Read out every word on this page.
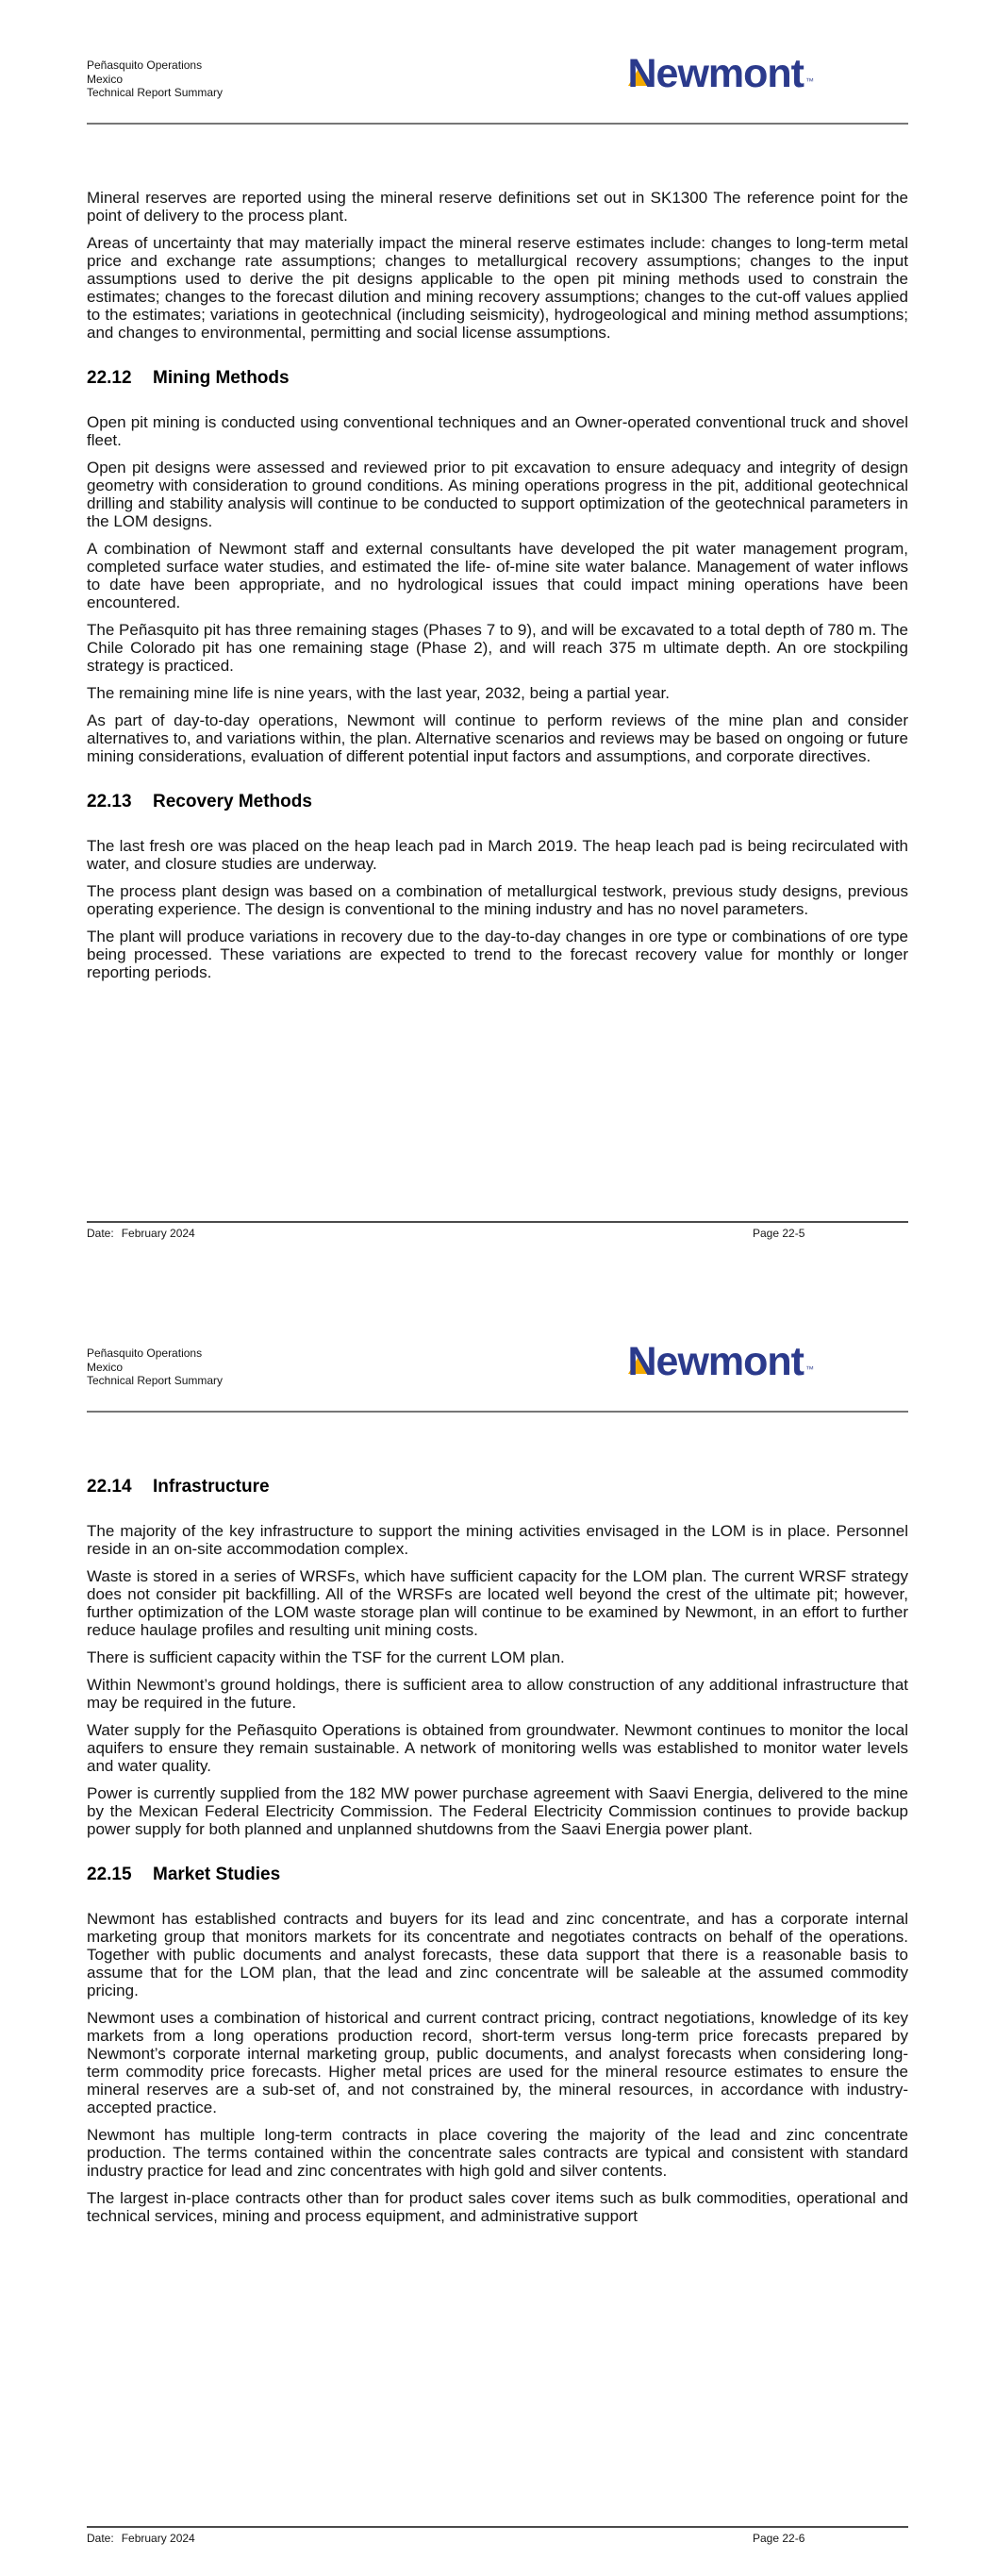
Peñasquito Operations
Mexico
Technical Report Summary	Newmont ™

Mineral reserves are reported using the mineral reserve definitions set out in SK1300 The reference point for the point of delivery to the process plant.

Areas of uncertainty that may materially impact the mineral reserve estimates include: changes to long-term metal price and exchange rate assumptions; changes to metallurgical recovery assumptions; changes to the input assumptions used to derive the pit designs applicable to the open pit mining methods used to constrain the estimates; changes to the forecast dilution and mining recovery assumptions; changes to the cut-off values applied to the estimates; variations in geotechnical (including seismicity), hydrogeological and mining method assumptions; and changes to environmental, permitting and social license assumptions.

22.12	Mining Methods

Open pit mining is conducted using conventional techniques and an Owner-operated conventional truck and shovel fleet.

Open pit designs were assessed and reviewed prior to pit excavation to ensure adequacy and integrity of design geometry with consideration to ground conditions. As mining operations progress in the pit, additional geotechnical drilling and stability analysis will continue to be conducted to support optimization of the geotechnical parameters in the LOM designs.

A combination of Newmont staff and external consultants have developed the pit water management program, completed surface water studies, and estimated the life- of-mine site water balance. Management of water inflows to date have been appropriate, and no hydrological issues that could impact mining operations have been encountered.

The Peñasquito pit has three remaining stages (Phases 7 to 9), and will be excavated to a total depth of 780 m. The Chile Colorado pit has one remaining stage (Phase 2), and will reach 375 m ultimate depth. An ore stockpiling strategy is practiced.

The remaining mine life is nine years, with the last year, 2032, being a partial year.

As part of day-to-day operations, Newmont will continue to perform reviews of the mine plan and consider alternatives to, and variations within, the plan. Alternative scenarios and reviews may be based on ongoing or future mining considerations, evaluation of different potential input factors and assumptions, and corporate directives.

22.13	Recovery Methods

The last fresh ore was placed on the heap leach pad in March 2019. The heap leach pad is being recirculated with water, and closure studies are underway.

The process plant design was based on a combination of metallurgical testwork, previous study designs, previous operating experience. The design is conventional to the mining industry and has no novel parameters.

The plant will produce variations in recovery due to the day-to-day changes in ore type or combinations of ore type being processed. These variations are expected to trend to the forecast recovery value for monthly or longer reporting periods.

Date: February 2024	Page 22-5
Peñasquito Operations
Mexico
Technical Report Summary	Newmont ™
22.14	Infrastructure

The majority of the key infrastructure to support the mining activities envisaged in the LOM is in place. Personnel reside in an on-site accommodation complex.

Waste is stored in a series of WRSFs, which have sufficient capacity for the LOM plan. The current WRSF strategy does not consider pit backfilling. All of the WRSFs are located well beyond the crest of the ultimate pit; however, further optimization of the LOM waste storage plan will continue to be examined by Newmont, in an effort to further reduce haulage profiles and resulting unit mining costs.

There is sufficient capacity within the TSF for the current LOM plan.

Within Newmont’s ground holdings, there is sufficient area to allow construction of any additional infrastructure that may be required in the future.

Water supply for the Peñasquito Operations is obtained from groundwater. Newmont continues to monitor the local aquifers to ensure they remain sustainable. A network of monitoring wells was established to monitor water levels and water quality.

Power is currently supplied from the 182 MW power purchase agreement with Saavi Energia, delivered to the mine by the Mexican Federal Electricity Commission. The Federal Electricity Commission continues to provide backup power supply for both planned and unplanned shutdowns from the Saavi Energia power plant.

22.15	Market Studies

Newmont has established contracts and buyers for its lead and zinc concentrate, and has a corporate internal marketing group that monitors markets for its concentrate and negotiates contracts on behalf of the operations. Together with public documents and analyst forecasts, these data support that there is a reasonable basis to assume that for the LOM plan, that the lead and zinc concentrate will be saleable at the assumed commodity pricing.

Newmont uses a combination of historical and current contract pricing, contract negotiations, knowledge of its key markets from a long operations production record, short-term versus long-term price forecasts prepared by Newmont’s corporate internal marketing group, public documents, and analyst forecasts when considering long-term commodity price forecasts. Higher metal prices are used for the mineral resource estimates to ensure the mineral reserves are a sub-set of, and not constrained by, the mineral resources, in accordance with industry-accepted practice.

Newmont has multiple long-term contracts in place covering the majority of the lead and zinc concentrate production. The terms contained within the concentrate sales contracts are typical and consistent with standard industry practice for lead and zinc concentrates with high gold and silver contents.

The largest in-place contracts other than for product sales cover items such as bulk commodities, operational and technical services, mining and process equipment, and administrative support

Date: February 2024	Page 22-6
